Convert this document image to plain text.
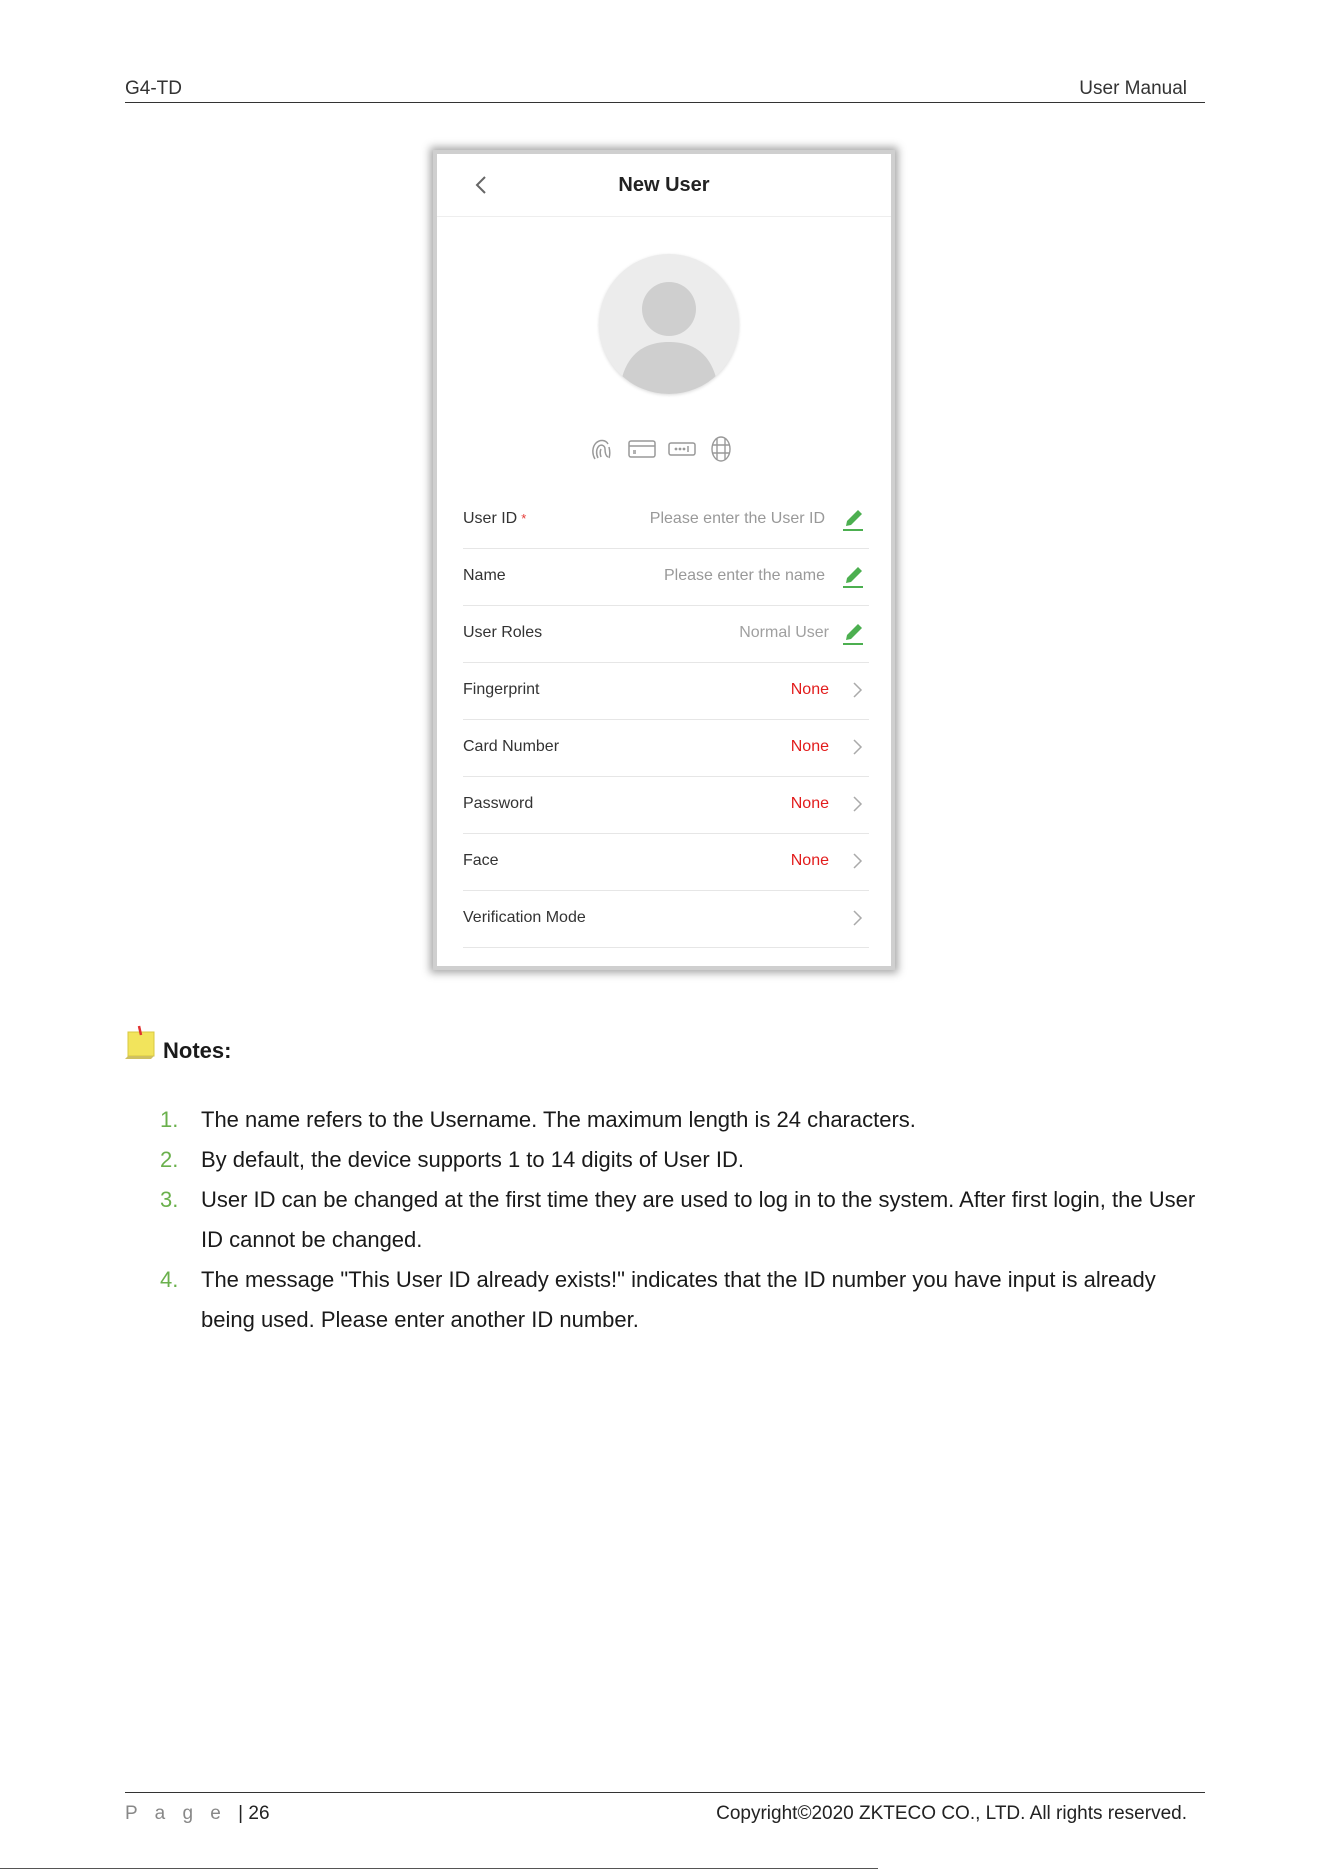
G4-TD	User Manual
New User
User ID *	Please enter the User ID
Name	Please enter the name
User Roles	Normal User
Fingerprint	None
Card Number	None
Password	None
Face	None
Verification Mode
Notes:
1. The name refers to the Username. The maximum length is 24 characters.
2. By default, the device supports 1 to 14 digits of User ID.
3. User ID can be changed at the first time they are used to log in to the system. After first login, the User ID cannot be changed.
4. The message "This User ID already exists!" indicates that the ID number you have input is already being used. Please enter another ID number.
P a g e | 26	Copyright©2020 ZKTECO CO., LTD. All rights reserved.
